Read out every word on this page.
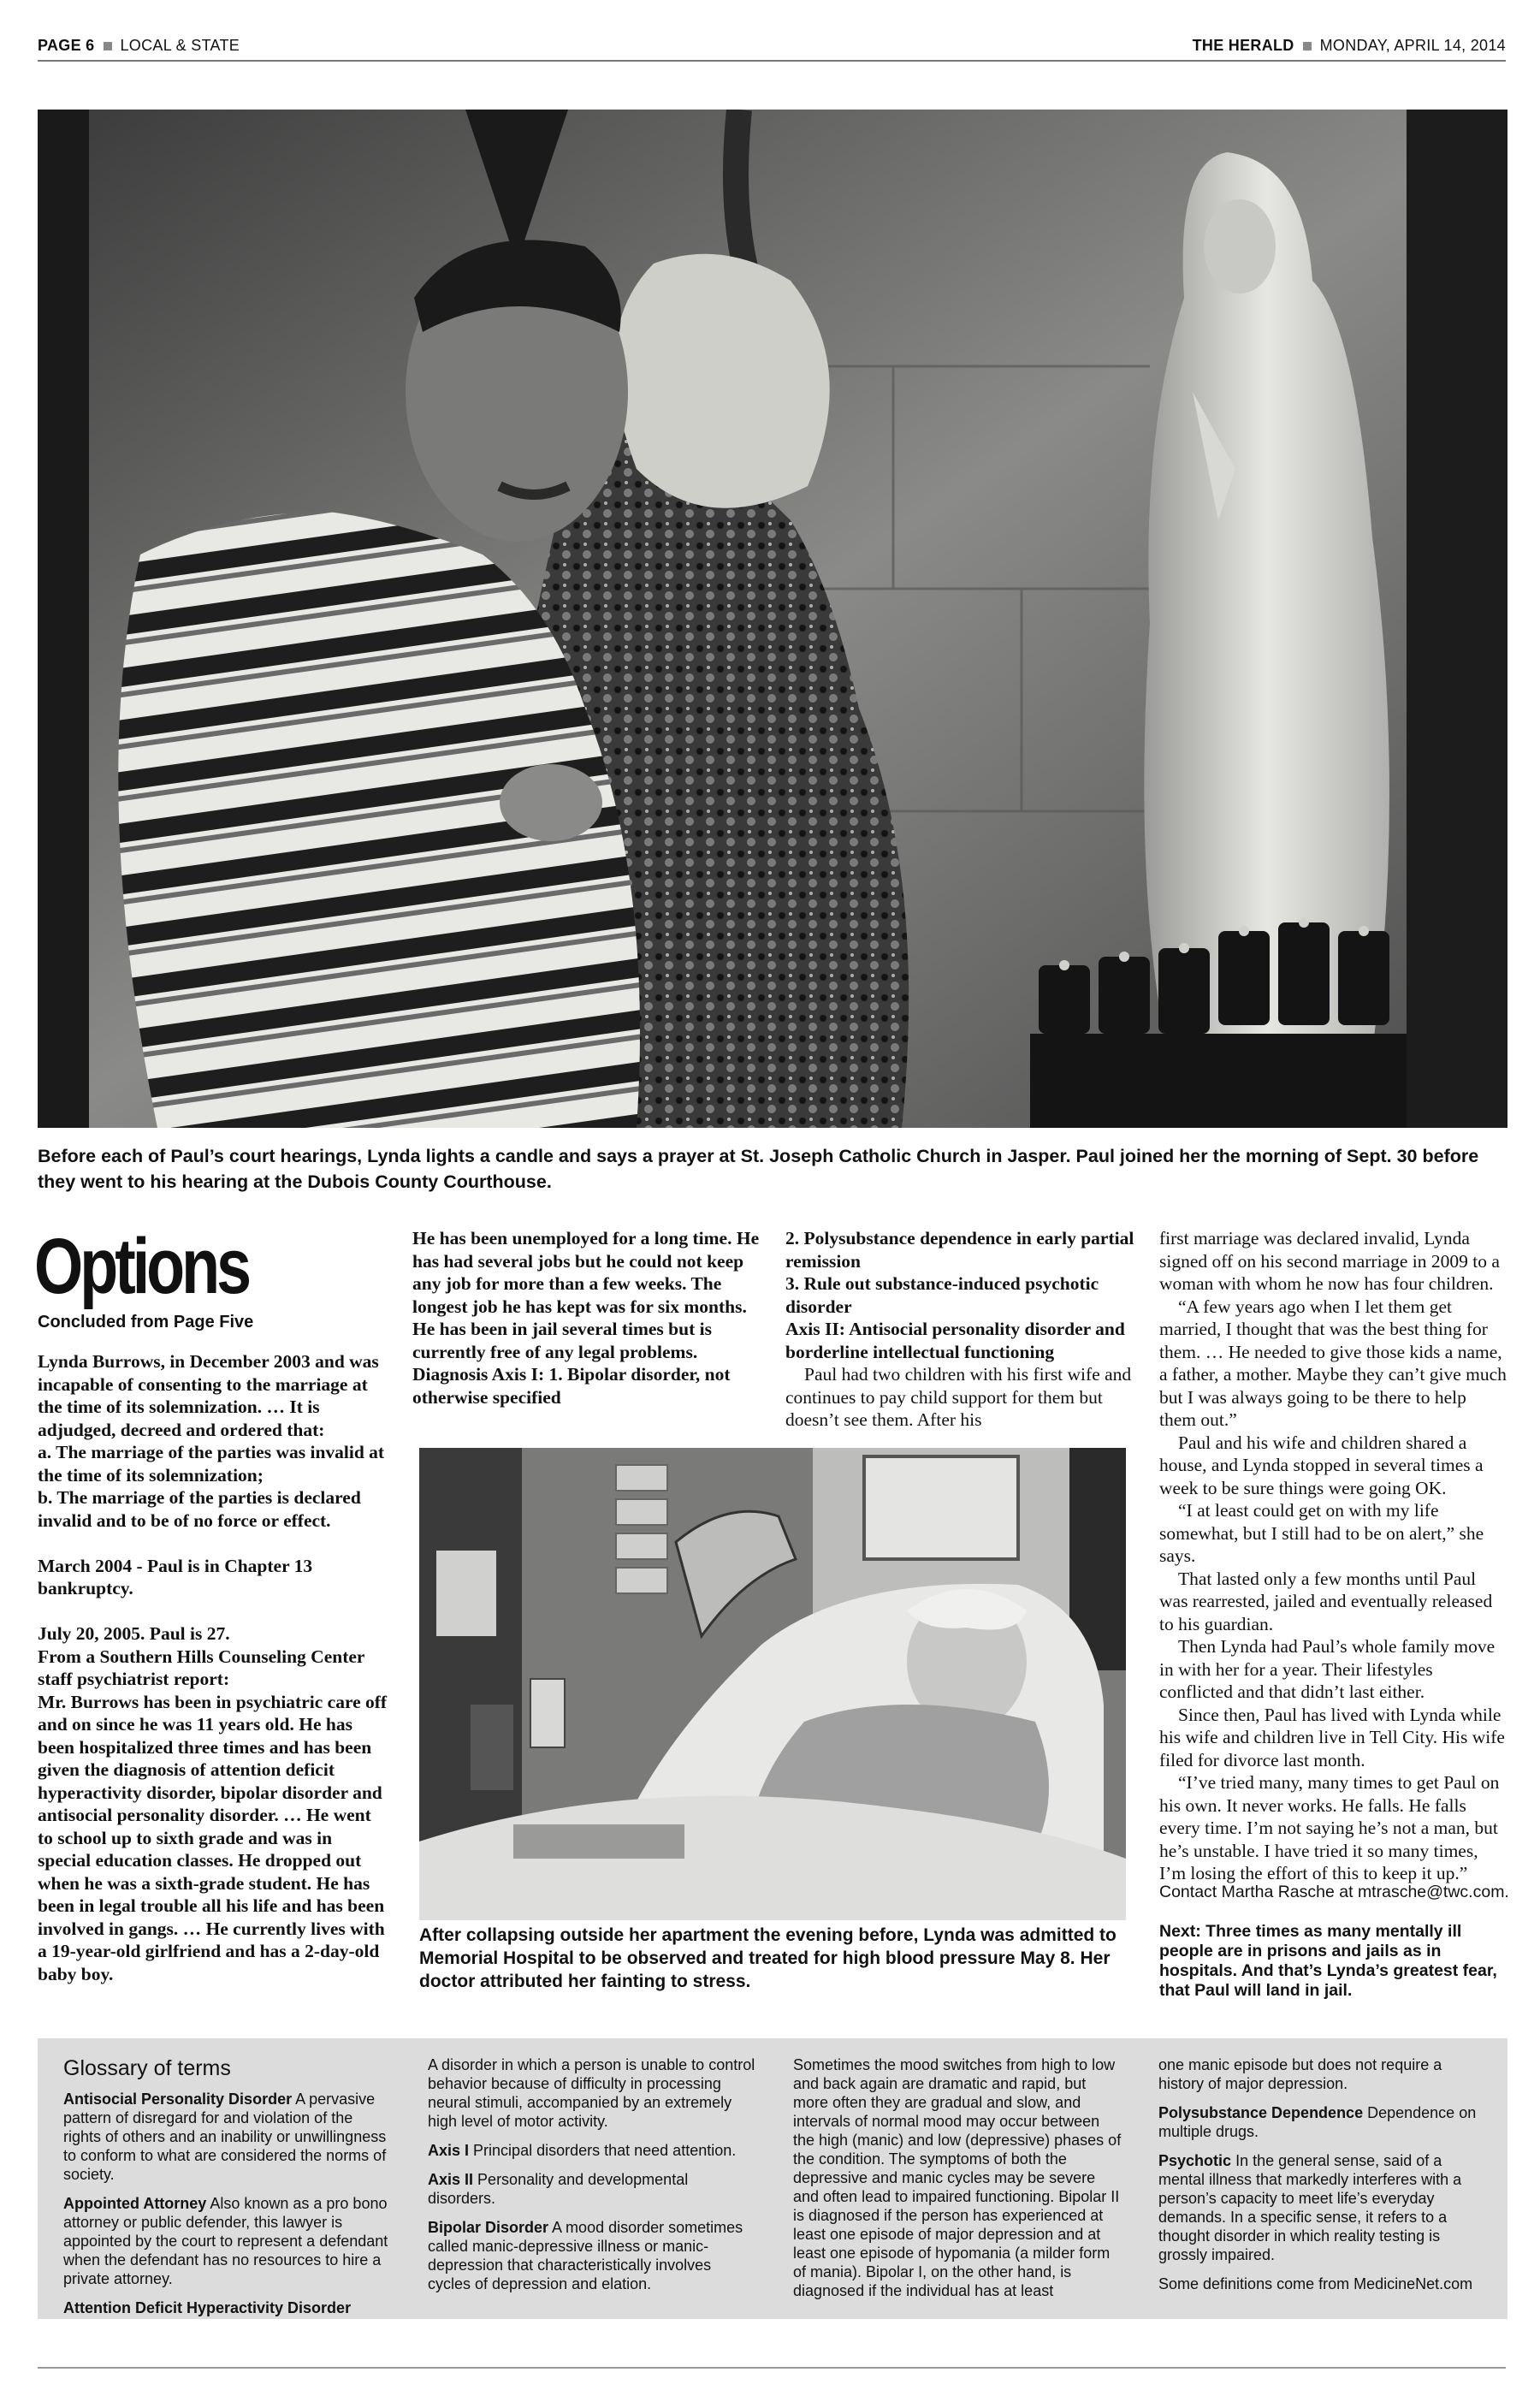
PAGE 6 LOCAL & STATE	THE HERALD MONDAY, APRIL 14, 2014
Before each of Paul’s court hearings, Lynda lights a candle and says a prayer at St. Joseph Catholic Church in Jasper. Paul joined her the morning of Sept. 30 before they went to his hearing at the Dubois County Courthouse.
Options
Concluded from Page Five

Lynda Burrows, in December 2003 and was incapable of consenting to the marriage at the time of its solemnization. … It is adjudged, decreed and ordered that:

a. The marriage of the parties was invalid at the time of its solemnization;

b. The marriage of the parties is declared invalid and to be of no force or effect.

March 2004 - Paul is in Chapter 13 bankruptcy.

July 20, 2005. Paul is 27.

From a Southern Hills Counseling Center staff psychiatrist report:

Mr. Burrows has been in psychiatric care off and on since he was 11 years old. He has been hospitalized three times and has been given the diagnosis of attention deficit hyperactivity disorder, bipolar disorder and antisocial personality disorder. … He went to school up to sixth grade and was in special education classes. He dropped out when he was a sixth-grade student. He has been in legal trouble all his life and has been involved in gangs. … He currently lives with a 19-year-old girlfriend and has a 2-day-old baby boy.

He has been unemployed for a long time. He has had several jobs but he could not keep any job for more than a few weeks. The longest job he has kept was for six months. He has been in jail several times but is currently free of any legal problems.

Diagnosis Axis I: 1. Bipolar disorder, not otherwise specified

2. Polysubstance dependence in early partial remission

3. Rule out substance-induced psychotic disorder

Axis II: Antisocial personality disorder and borderline intellectual functioning

Paul had two children with his first wife and continues to pay child support for them but doesn’t see them. After his

first marriage was declared invalid, Lynda signed off on his second marriage in 2009 to a woman with whom he now has four children.

“A few years ago when I let them get married, I thought that was the best thing for them. … He needed to give those kids a name, a father, a mother. Maybe they can’t give much but I was always going to be there to help them out.”

Paul and his wife and children shared a house, and Lynda stopped in several times a week to be sure things were going OK.

“I at least could get on with my life somewhat, but I still had to be on alert,” she says.

That lasted only a few months until Paul was rearrested, jailed and eventually released to his guardian.

Then Lynda had Paul’s whole family move in with her for a year. Their lifestyles conflicted and that didn’t last either.

Since then, Paul has lived with Lynda while his wife and children live in Tell City. His wife filed for divorce last month.

“I’ve tried many, many times to get Paul on his own. It never works. He falls. He falls every time. I’m not saying he’s not a man, but he’s unstable. I have tried it so many times, I’m losing the effort of this to keep it up.”

After collapsing outside her apartment the evening before, Lynda was admitted to Memorial Hospital to be observed and treated for high blood pressure May 8. Her doctor attributed her fainting to stress.
Contact Martha Rasche at mtrasche@twc.com.
Next: Three times as many mentally ill people are in prisons and jails as in hospitals. And that’s Lynda’s greatest fear, that Paul will land in jail.
Glossary of terms

Antisocial Personality Disorder A pervasive pattern of disregard for and violation of the rights of others and an inability or unwillingness to conform to what are considered the norms of society.

Appointed Attorney Also known as a pro bono attorney or public defender, this lawyer is appointed by the court to represent a defendant when the defendant has no resources to hire a private attorney.

Attention Deficit Hyperactivity Disorder

A disorder in which a person is unable to control behavior because of difficulty in processing neural stimuli, accompanied by an extremely high level of motor activity.

Axis I Principal disorders that need attention.

Axis II Personality and developmental disorders.

Bipolar Disorder A mood disorder sometimes called manic-depressive illness or manic-depression that characteristically involves cycles of depression and elation.

Sometimes the mood switches from high to low and back again are dramatic and rapid, but more often they are gradual and slow, and intervals of normal mood may occur between the high (manic) and low (depressive) phases of the condition. The symptoms of both the depressive and manic cycles may be severe and often lead to impaired functioning. Bipolar II is diagnosed if the person has experienced at least one episode of major depression and at least one episode of hypomania (a milder form of mania). Bipolar I, on the other hand, is diagnosed if the individual has at least

one manic episode but does not require a history of major depression.

Polysubstance Dependence Dependence on multiple drugs.

Psychotic In the general sense, said of a mental illness that markedly interferes with a person’s capacity to meet life’s everyday demands. In a specific sense, it refers to a thought disorder in which reality testing is grossly impaired.

Some definitions come from MedicineNet.com
